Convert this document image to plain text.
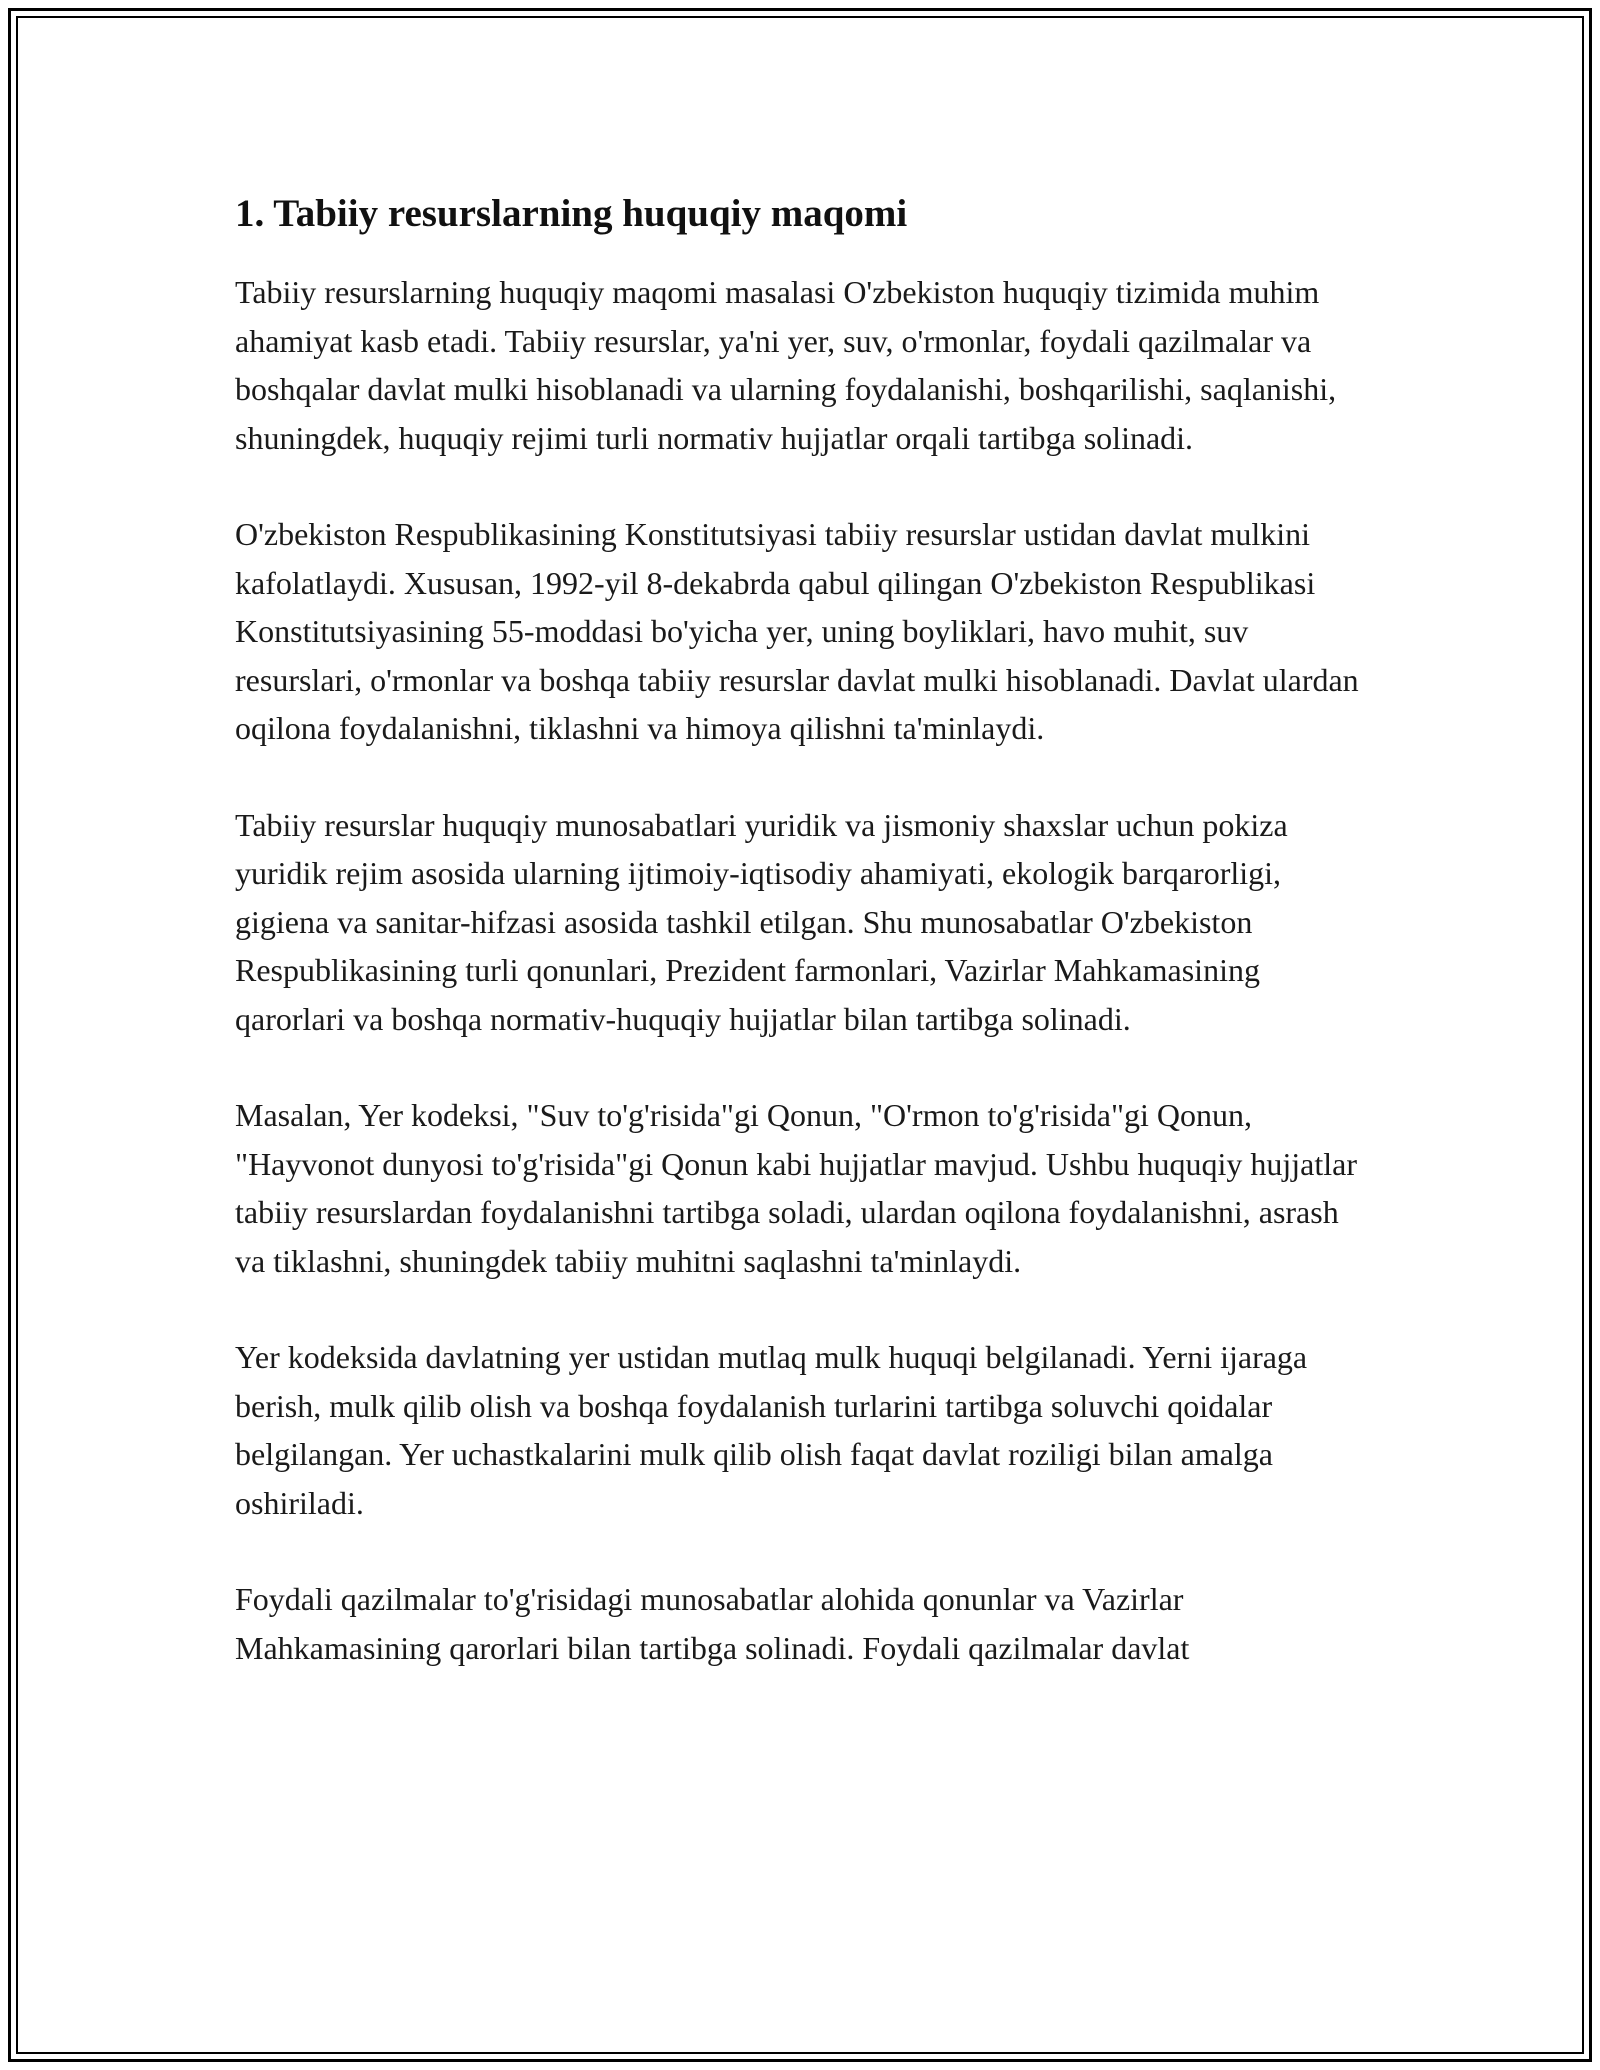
1. Tabiiy resurslarning huquqiy maqomi

Tabiiy resurslarning huquqiy maqomi masalasi O'zbekiston huquqiy tizimida muhim ahamiyat kasb etadi. Tabiiy resurslar, ya'ni yer, suv, o'rmonlar, foydali qazilmalar va boshqalar davlat mulki hisoblanadi va ularning foydalanishi, boshqarilishi, saqlanishi, shuningdek, huquqiy rejimi turli normativ hujjatlar orqali tartibga solinadi.

O'zbekiston Respublikasining Konstitutsiyasi tabiiy resurslar ustidan davlat mulkini kafolatlaydi. Xususan, 1992-yil 8-dekabrda qabul qilingan O'zbekiston Respublikasi Konstitutsiyasining 55-moddasi bo'yicha yer, uning boyliklari, havo muhit, suv resurslari, o'rmonlar va boshqa tabiiy resurslar davlat mulki hisoblanadi. Davlat ulardan oqilona foydalanishni, tiklashni va himoya qilishni ta'minlaydi.

Tabiiy resurslar huquqiy munosabatlari yuridik va jismoniy shaxslar uchun pokiza yuridik rejim asosida ularning ijtimoiy-iqtisodiy ahamiyati, ekologik barqarorligi, gigiena va sanitar-hifzasi asosida tashkil etilgan. Shu munosabatlar O'zbekiston Respublikasining turli qonunlari, Prezident farmonlari, Vazirlar Mahkamasining qarorlari va boshqa normativ-huquqiy hujjatlar bilan tartibga solinadi.

Masalan, Yer kodeksi, "Suv to'g'risida"gi Qonun, "O'rmon to'g'risida"gi Qonun, "Hayvonot dunyosi to'g'risida"gi Qonun kabi hujjatlar mavjud. Ushbu huquqiy hujjatlar tabiiy resurslardan foydalanishni tartibga soladi, ulardan oqilona foydalanishni, asrash va tiklashni, shuningdek tabiiy muhitni saqlashni ta'minlaydi.

Yer kodeksida davlatning yer ustidan mutlaq mulk huquqi belgilanadi. Yerni ijaraga berish, mulk qilib olish va boshqa foydalanish turlarini tartibga soluvchi qoidalar belgilangan. Yer uchastkalarini mulk qilib olish faqat davlat roziligi bilan amalga oshiriladi.

Foydali qazilmalar to'g'risidagi munosabatlar alohida qonunlar va Vazirlar Mahkamasining qarorlari bilan tartibga solinadi. Foydali qazilmalar davlat
